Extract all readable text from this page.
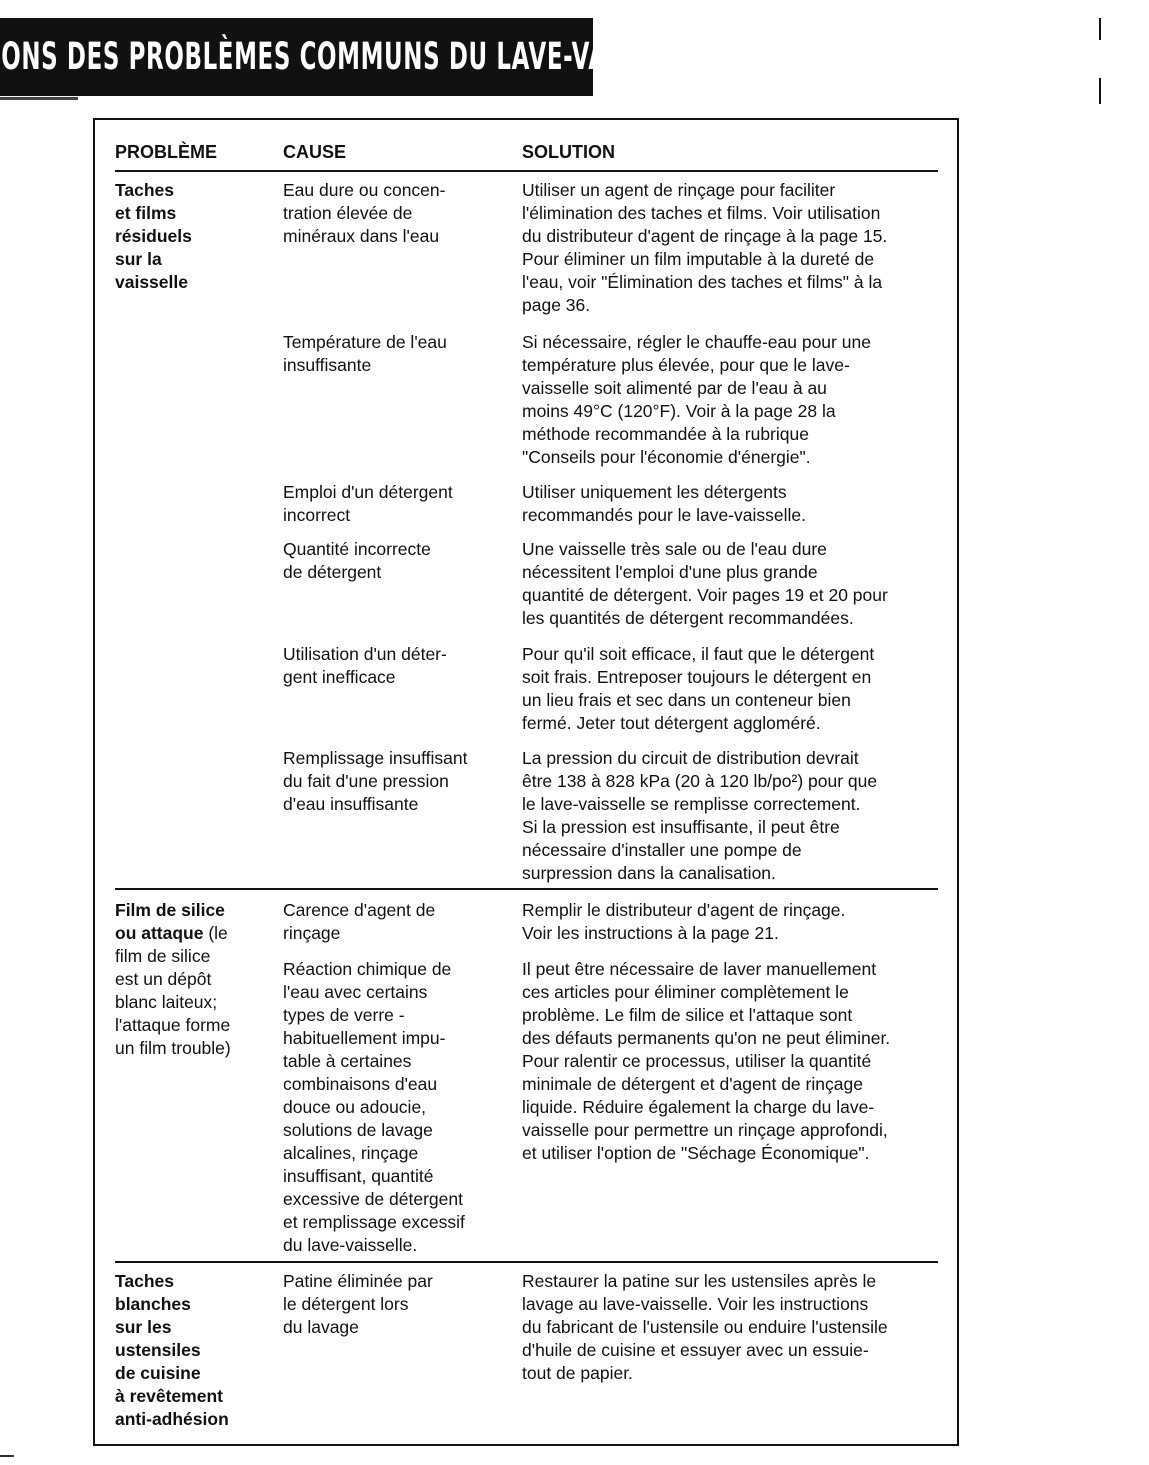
ONS DES PROBLÈMES COMMUNS DU LAVE-VAISSELLE
PROBLÈME	CAUSE	SOLUTION

Taches
et films
résiduels
sur la
vaisselle

Eau dure ou concen-
tration élevée de
minéraux dans l'eau

Utiliser un agent de rinçage pour faciliter
l'élimination des taches et films. Voir utilisation
du distributeur d'agent de rinçage à la page 15.
Pour éliminer un film imputable à la dureté de
l'eau, voir "Élimination des taches et films" à la
page 36.

Température de l'eau
insuffisante

Si nécessaire, régler le chauffe-eau pour une
température plus élevée, pour que le lave-
vaisselle soit alimenté par de l'eau à au
moins 49°C (120°F). Voir à la page 28 la
méthode recommandée à la rubrique
"Conseils pour l'économie d'énergie".

Emploi d'un détergent
incorrect

Utiliser uniquement les détergents
recommandés pour le lave-vaisselle.

Quantité incorrecte
de détergent

Une vaisselle très sale ou de l'eau dure
nécessitent l'emploi d'une plus grande
quantité de détergent. Voir pages 19 et 20 pour
les quantités de détergent recommandées.

Utilisation d'un déter-
gent inefficace

Pour qu'il soit efficace, il faut que le détergent
soit frais. Entreposer toujours le détergent en
un lieu frais et sec dans un conteneur bien
fermé. Jeter tout détergent aggloméré.

Remplissage insuffisant
du fait d'une pression
d'eau insuffisante

La pression du circuit de distribution devrait
être 138 à 828 kPa (20 à 120 lb/po²) pour que
le lave-vaisselle se remplisse correctement.
Si la pression est insuffisante, il peut être
nécessaire d'installer une pompe de
surpression dans la canalisation.

Film de silice
ou attaque (le
film de silice
est un dépôt
blanc laiteux;
l'attaque forme
un film trouble)

Carence d'agent de
rinçage

Remplir le distributeur d'agent de rinçage.
Voir les instructions à la page 21.

Réaction chimique de
l'eau avec certains
types de verre -
habituellement impu-
table à certaines
combinaisons d'eau
douce ou adoucie,
solutions de lavage
alcalines, rinçage
insuffisant, quantité
excessive de détergent
et remplissage excessif
du lave-vaisselle.

Il peut être nécessaire de laver manuellement
ces articles pour éliminer complètement le
problème. Le film de silice et l'attaque sont
des défauts permanents qu'on ne peut éliminer.
Pour ralentir ce processus, utiliser la quantité
minimale de détergent et d'agent de rinçage
liquide. Réduire également la charge du lave-
vaisselle pour permettre un rinçage approfondi,
et utiliser l'option de "Séchage Économique".

Taches
blanches
sur les
ustensiles
de cuisine
à revêtement
anti-adhésion

Patine éliminée par
le détergent lors
du lavage

Restaurer la patine sur les ustensiles après le
lavage au lave-vaisselle. Voir les instructions
du fabricant de l'ustensile ou enduire l'ustensile
d'huile de cuisine et essuyer avec un essuie-
tout de papier.
